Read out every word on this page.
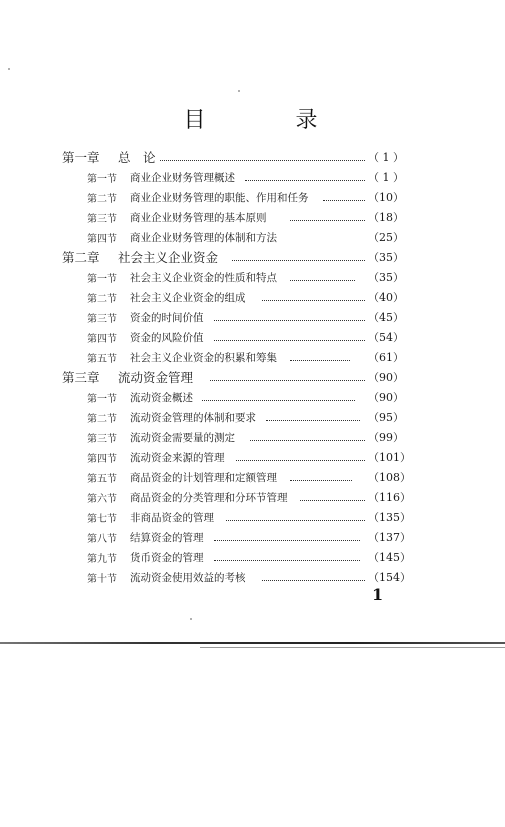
目　录
第一章 总　论	（ 1 ）
第一节 商业企业财务管理概述	（ 1 ）
第二节 商业企业财务管理的职能、作用和任务	（10）
第三节 商业企业财务管理的基本原则	（18）
第四节 商业企业财务管理的体制和方法	（25）
第二章 社会主义企业资金	（35）
第一节 社会主义企业资金的性质和特点	（35）
第二节 社会主义企业资金的组成	（40）
第三节 资金的时间价值	（45）
第四节 资金的风险价值	（54）
第五节 社会主义企业资金的积累和筹集	（61）
第三章 流动资金管理	（90）
第一节 流动资金概述	（90）
第二节 流动资金管理的体制和要求	（95）
第三节 流动资金需要量的测定	（99）
第四节 流动资金来源的管理	（101）
第五节 商品资金的计划管理和定额管理	（108）
第六节 商品资金的分类管理和分环节管理	（116）
第七节 非商品资金的管理	（135）
第八节 结算资金的管理	（137）
第九节 货币资金的管理	（145）
第十节 流动资金使用效益的考核	（154）
1
